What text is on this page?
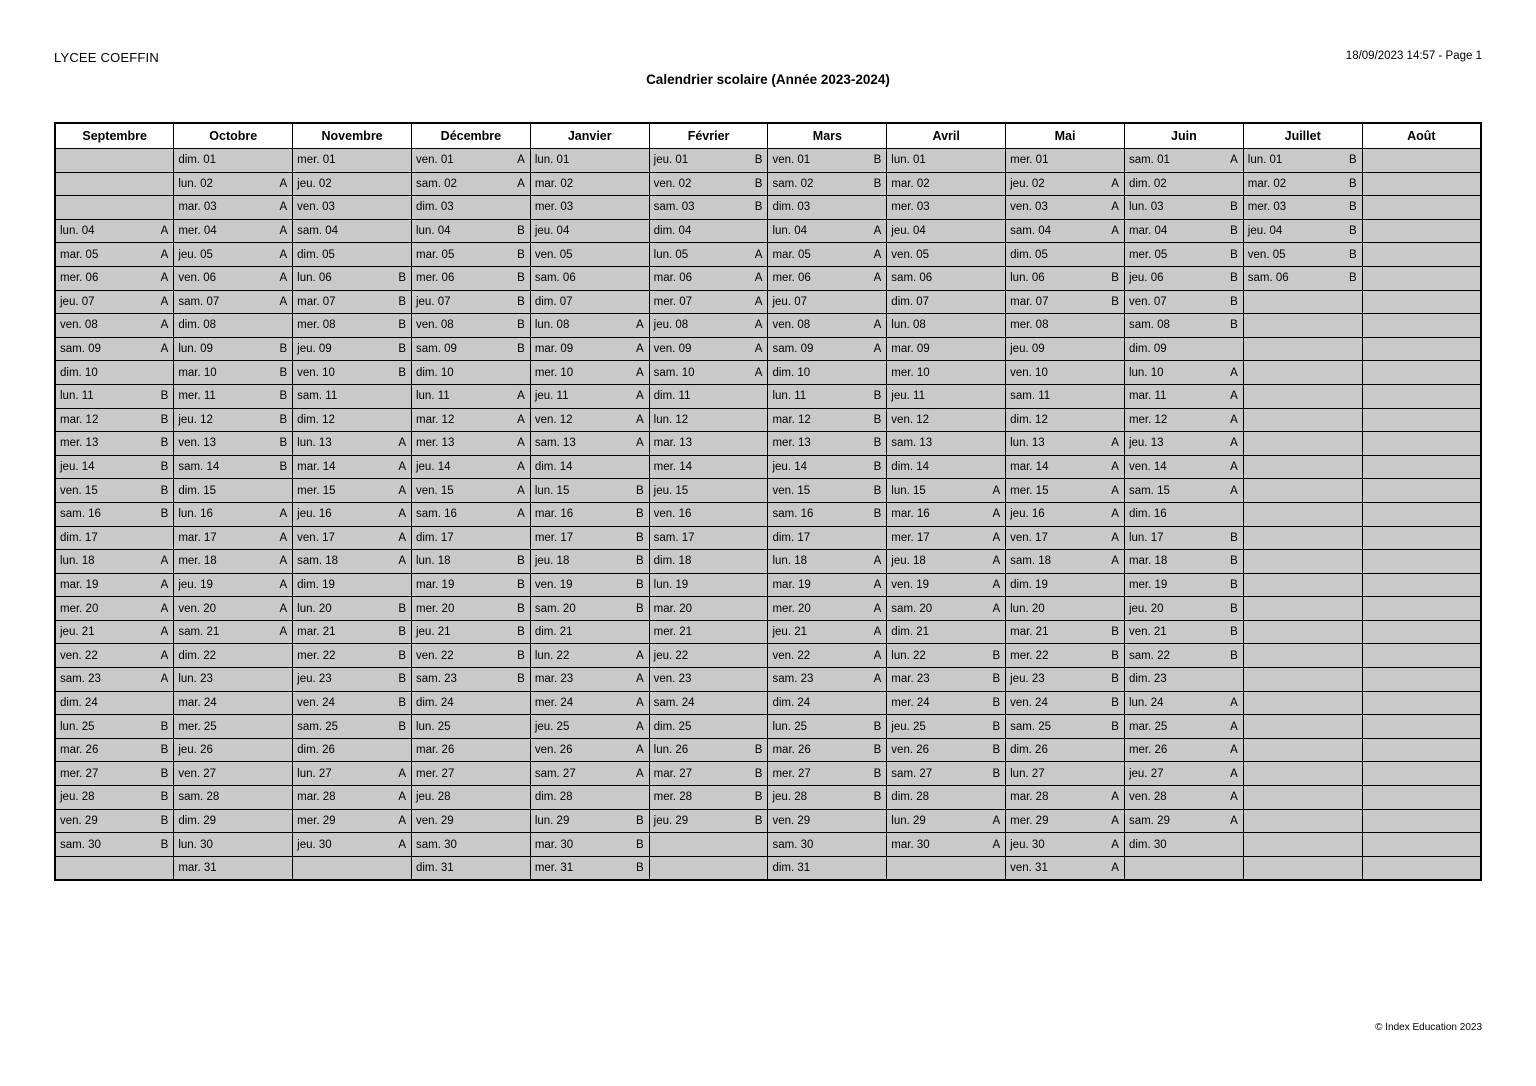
LYCEE COEFFIN	18/09/2023 14:57 - Page 1
Calendrier scolaire (Année 2023-2024)
Septembre	Octobre	Novembre	Décembre	Janvier	Février	Mars	Avril	Mai	Juin	Juillet	Août

	dim. 01	mer. 01	ven. 01 A	lun. 01	jeu. 01 B	ven. 01 B	lun. 01	mer. 01	sam. 01 A	lun. 01 B	

	lun. 02 A	jeu. 02	sam. 02 A	mar. 02	ven. 02 B	sam. 02 B	mar. 02	jeu. 02 A	dim. 02	mar. 02 B	

	mar. 03 A	ven. 03	dim. 03	mer. 03	sam. 03 B	dim. 03	mer. 03	ven. 03 A	lun. 03 B	mer. 03 B	

lun. 04 A	mer. 04 A	sam. 04	lun. 04 B	jeu. 04	dim. 04	lun. 04 A	jeu. 04	sam. 04 A	mar. 04 B	jeu. 04 B	

mar. 05 A	jeu. 05 A	dim. 05	mar. 05 B	ven. 05	lun. 05 A	mar. 05 A	ven. 05	dim. 05	mer. 05 B	ven. 05 B	

mer. 06 A	ven. 06 A	lun. 06 B	mer. 06 B	sam. 06	mar. 06 A	mer. 06 A	sam. 06	lun. 06 B	jeu. 06 B	sam. 06 B	

jeu. 07 A	sam. 07 A	mar. 07 B	jeu. 07 B	dim. 07	mer. 07 A	jeu. 07	dim. 07	mar. 07 B	ven. 07 B		

ven. 08 A	dim. 08	mer. 08 B	ven. 08 B	lun. 08 A	jeu. 08 A	ven. 08 A	lun. 08	mer. 08	sam. 08 B		

sam. 09 A	lun. 09 B	jeu. 09 B	sam. 09 B	mar. 09 A	ven. 09 A	sam. 09 A	mar. 09	jeu. 09	dim. 09		

dim. 10	mar. 10 B	ven. 10 B	dim. 10	mer. 10 A	sam. 10 A	dim. 10	mer. 10	ven. 10	lun. 10 A		

lun. 11 B	mer. 11 B	sam. 11	lun. 11 A	jeu. 11 A	dim. 11	lun. 11 B	jeu. 11	sam. 11	mar. 11 A		

mar. 12 B	jeu. 12 B	dim. 12	mar. 12 A	ven. 12 A	lun. 12	mar. 12 B	ven. 12	dim. 12	mer. 12 A		

mer. 13 B	ven. 13 B	lun. 13 A	mer. 13 A	sam. 13 A	mar. 13	mer. 13 B	sam. 13	lun. 13 A	jeu. 13 A		

jeu. 14 B	sam. 14 B	mar. 14 A	jeu. 14 A	dim. 14	mer. 14	jeu. 14 B	dim. 14	mar. 14 A	ven. 14 A		

ven. 15 B	dim. 15	mer. 15 A	ven. 15 A	lun. 15 B	jeu. 15	ven. 15 B	lun. 15 A	mer. 15 A	sam. 15 A		

sam. 16 B	lun. 16 A	jeu. 16 A	sam. 16 A	mar. 16 B	ven. 16	sam. 16 B	mar. 16 A	jeu. 16 A	dim. 16		

dim. 17	mar. 17 A	ven. 17 A	dim. 17	mer. 17 B	sam. 17	dim. 17	mer. 17 A	ven. 17 A	lun. 17 B		

lun. 18 A	mer. 18 A	sam. 18 A	lun. 18 B	jeu. 18 B	dim. 18	lun. 18 A	jeu. 18 A	sam. 18 A	mar. 18 B		

mar. 19 A	jeu. 19 A	dim. 19	mar. 19 B	ven. 19 B	lun. 19	mar. 19 A	ven. 19 A	dim. 19	mer. 19 B		

mer. 20 A	ven. 20 A	lun. 20 B	mer. 20 B	sam. 20 B	mar. 20	mer. 20 A	sam. 20 A	lun. 20	jeu. 20 B		

jeu. 21 A	sam. 21 A	mar. 21 B	jeu. 21 B	dim. 21	mer. 21	jeu. 21 A	dim. 21	mar. 21 B	ven. 21 B		

ven. 22 A	dim. 22	mer. 22 B	ven. 22 B	lun. 22 A	jeu. 22	ven. 22 A	lun. 22 B	mer. 22 B	sam. 22 B		

sam. 23 A	lun. 23	jeu. 23 B	sam. 23 B	mar. 23 A	ven. 23	sam. 23 A	mar. 23 B	jeu. 23 B	dim. 23		

dim. 24	mar. 24	ven. 24 B	dim. 24	mer. 24 A	sam. 24	dim. 24	mer. 24 B	ven. 24 B	lun. 24 A		

lun. 25 B	mer. 25	sam. 25 B	lun. 25	jeu. 25 A	dim. 25	lun. 25 B	jeu. 25 B	sam. 25 B	mar. 25 A		

mar. 26 B	jeu. 26	dim. 26	mar. 26	ven. 26 A	lun. 26 B	mar. 26 B	ven. 26 B	dim. 26	mer. 26 A		

mer. 27 B	ven. 27	lun. 27 A	mer. 27	sam. 27 A	mar. 27 B	mer. 27 B	sam. 27 B	lun. 27	jeu. 27 A		

jeu. 28 B	sam. 28	mar. 28 A	jeu. 28	dim. 28	mer. 28 B	jeu. 28 B	dim. 28	mar. 28 A	ven. 28 A		

ven. 29 B	dim. 29	mer. 29 A	ven. 29	lun. 29 B	jeu. 29 B	ven. 29	lun. 29 A	mer. 29 A	sam. 29 A		

sam. 30 B	lun. 30	jeu. 30 A	sam. 30	mar. 30 B		sam. 30	mar. 30 A	jeu. 30 A	dim. 30		

	mar. 31		dim. 31	mer. 31 B		dim. 31		ven. 31 A			

© Index Education 2023
